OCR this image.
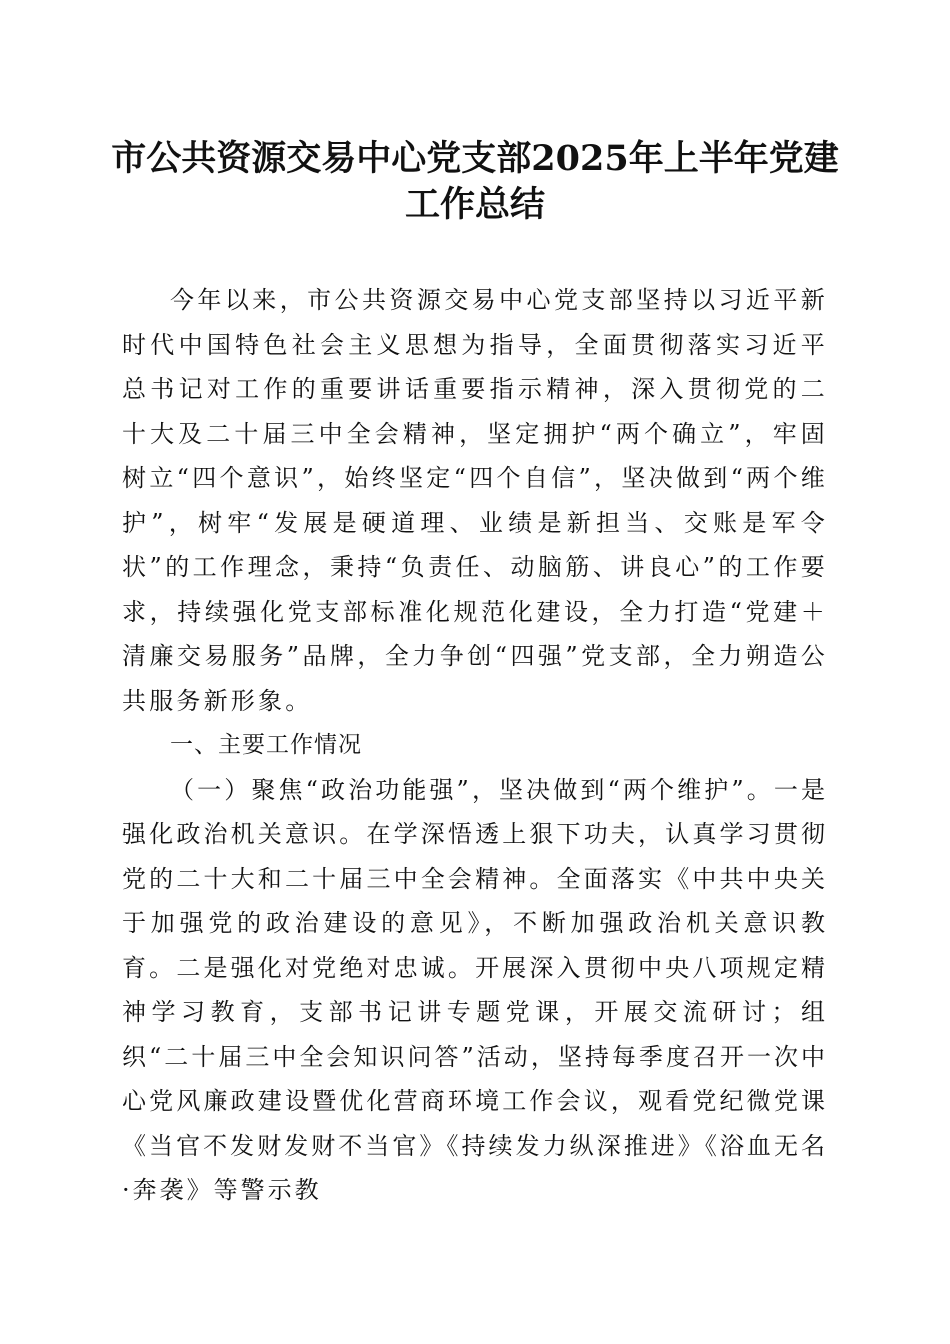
市公共资源交易中心党支部2025年上半年党建工作总结

今年以来，市公共资源交易中心党支部坚持以习近平新时代中国特色社会主义思想为指导，全面贯彻落实习近平总书记对工作的重要讲话重要指示精神，深入贯彻党的二十大及二十届三中全会精神，坚定拥护“两个确立”，牢固树立“四个意识”，始终坚定“四个自信”，坚决做到“两个维护”，树牢“发展是硬道理、业绩是新担当、交账是军令状”的工作理念，秉持“负责任、动脑筋、讲良心”的工作要求，持续强化党支部标准化规范化建设，全力打造“党建＋清廉交易服务”品牌，全力争创“四强”党支部，全力朔造公共服务新形象。

一、主要工作情况

（一）聚焦“政治功能强”，坚决做到“两个维护”。一是强化政治机关意识。在学深悟透上狠下功夫，认真学习贯彻党的二十大和二十届三中全会精神。全面落实《中共中央关于加强党的政治建设的意见》，不断加强政治机关意识教育。二是强化对党绝对忠诚。开展深入贯彻中央八项规定精神学习教育，支部书记讲专题党课，开展交流研讨；组织“二十届三中全会知识问答”活动，坚持每季度召开一次中心党风廉政建设暨优化营商环境工作会议，观看党纪微党课《当官不发财发财不当官》《持续发力纵深推进》《浴血无名·奔袭》等警示教
